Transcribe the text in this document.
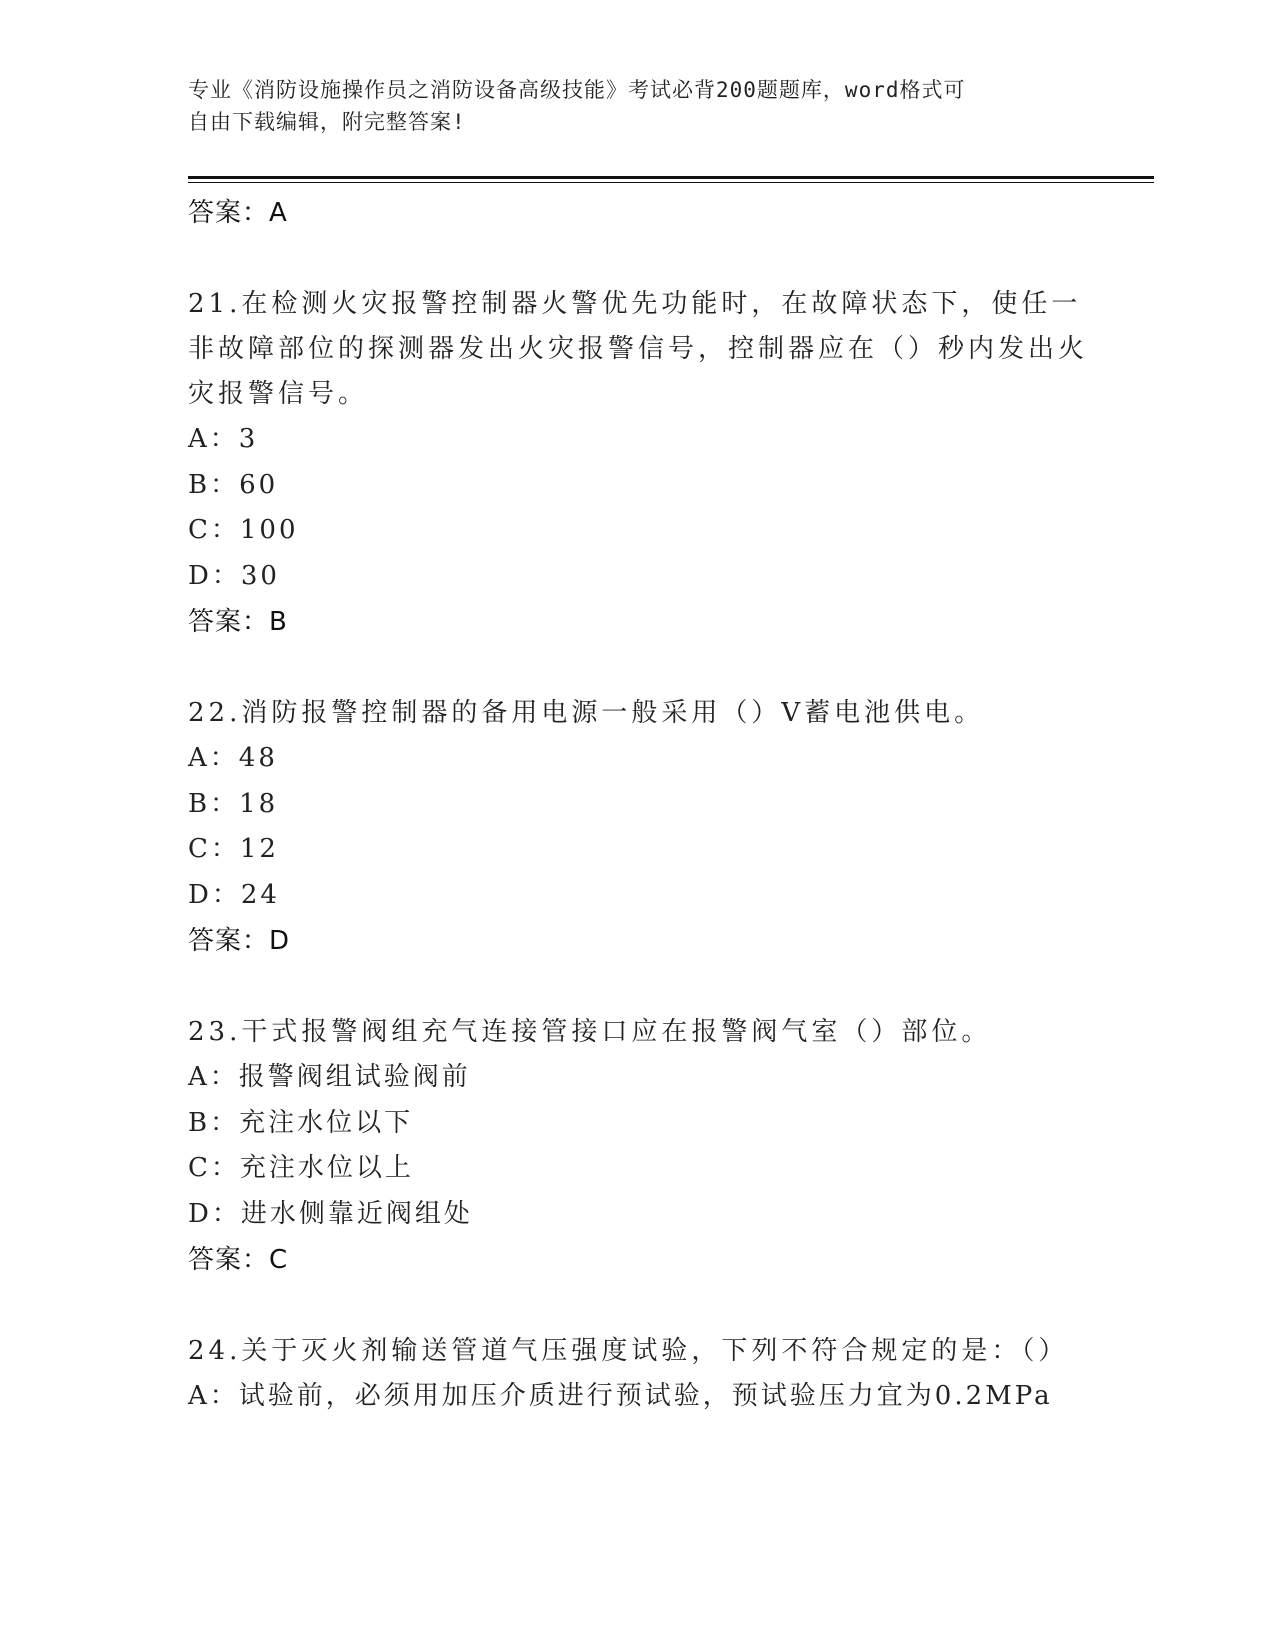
专业《消防设施操作员之消防设备高级技能》考试必背200题题库，word格式可
自由下载编辑，附完整答案!
答案：A
21.在检测火灾报警控制器火警优先功能时，在故障状态下，使任一非故障部位的探测器发出火灾报警信号，控制器应在（）秒内发出火灾报警信号。
A：3
B：60
C：100
D：30
答案：B
22.消防报警控制器的备用电源一般采用（）V蓄电池供电。
A：48
B：18
C：12
D：24
答案：D
23.干式报警阀组充气连接管接口应在报警阀气室（）部位。
A：报警阀组试验阀前
B：充注水位以下
C：充注水位以上
D：进水侧靠近阀组处
答案：C
24.关于灭火剂输送管道气压强度试验，下列不符合规定的是：（）
A：试验前，必须用加压介质进行预试验，预试验压力宜为0.2MPa
